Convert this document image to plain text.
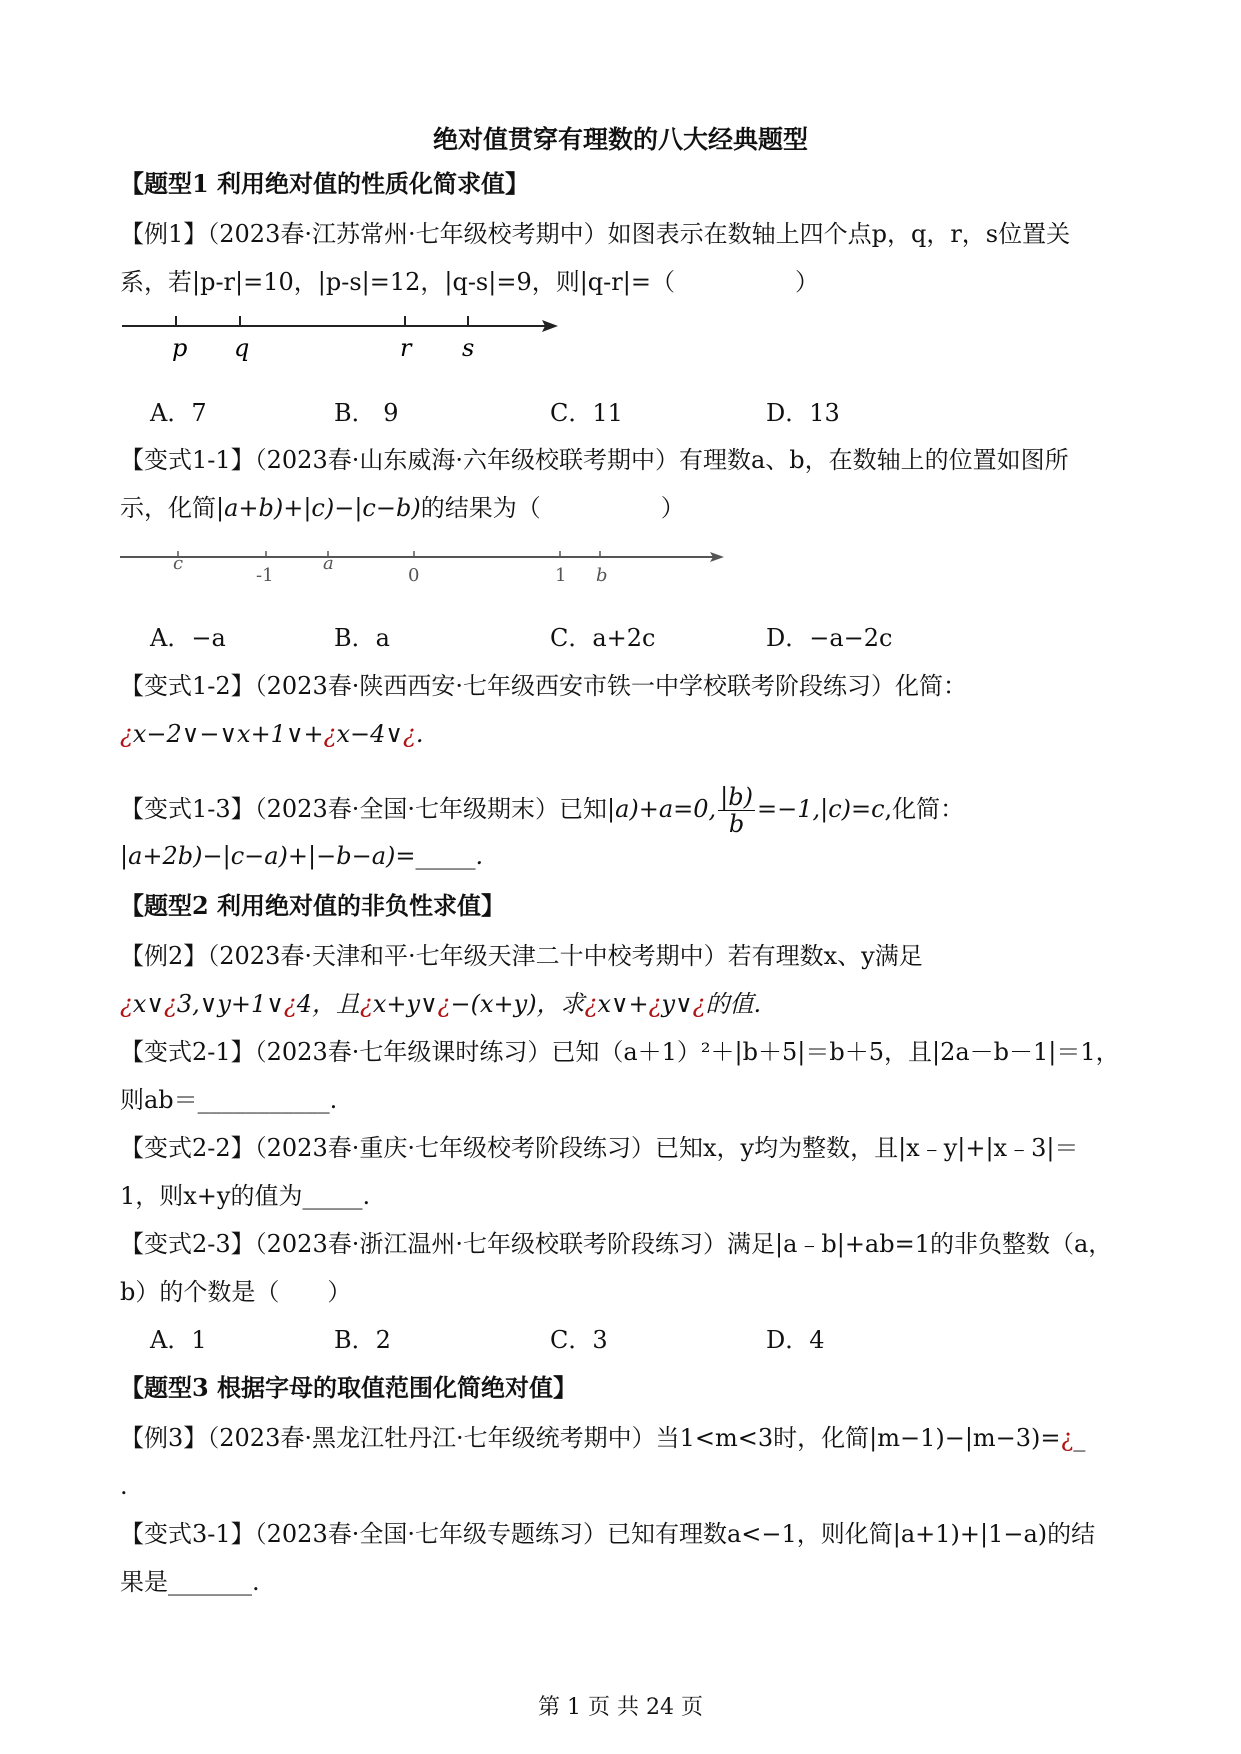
绝对值贯穿有理数的八大经典题型
【题型1 利用绝对值的性质化简求值】
【例1】（2023春·江苏常州·七年级校考期中）如图表示在数轴上四个点p，q，r，s位置关
系，若|p-r|=10，|p-s|=12，|q-s|=9，则|q-r|=（　　　　　）
p q	r s
A．7	B． 9	C．11	D．13
【变式1-1】（2023春·山东威海·六年级校联考期中）有理数a、b，在数轴上的位置如图所
示，化简|a+b)+|c)−|c−b)的结果为（　　　　　）
c
-1
a
0	1 b
A．−a	B．a	C．a+2c	D．−a−2c
【变式1-2】（2023春·陕西西安·七年级西安市铁一中学校联考阶段练习）化简：
¿x−2∨−∨x+1∨+¿x−4∨¿.
【变式1-3】（2023春·全国·七年级期末）已知|a)+a=0, $\frac{|b)}{b} =-1,|c)=c$,化简：
|a+2b)−|c−a)+|−b−a)=_____.
【题型2 利用绝对值的非负性求值】
【例2】（2023春·天津和平·七年级天津二十中校考期中）若有理数x、y满足
¿x∨¿3,∨y+1∨¿4，且¿x+y∨¿−(x+y)，求¿x∨+¿y∨¿的值.
【变式2-1】（2023春·七年级课时练习）已知（a＋1）²＋|b＋5|＝b＋5，且|2a－b－1|＝1，
则ab＝___________.
【变式2-2】（2023春·重庆·七年级校考阶段练习）已知x，y均为整数，且|x﹣y|+|x﹣3|＝
1，则x+y的值为_____.
【变式2-3】（2023春·浙江温州·七年级校联考阶段练习）满足|a﹣b|+ab=1的非负整数（a，
b）的个数是（　　）
A．1	B．2	C．3	D．4
【题型3 根据字母的取值范围化简绝对值】
【例3】（2023春·黑龙江牡丹江·七年级统考期中）当1<m<3时，化简|m−1)−|m−3)=¿_
.
【变式3-1】（2023春·全国·七年级专题练习）已知有理数a<−1，则化简|a+1)+|1−a)的结
果是_______.
第 1 页 共 24 页
